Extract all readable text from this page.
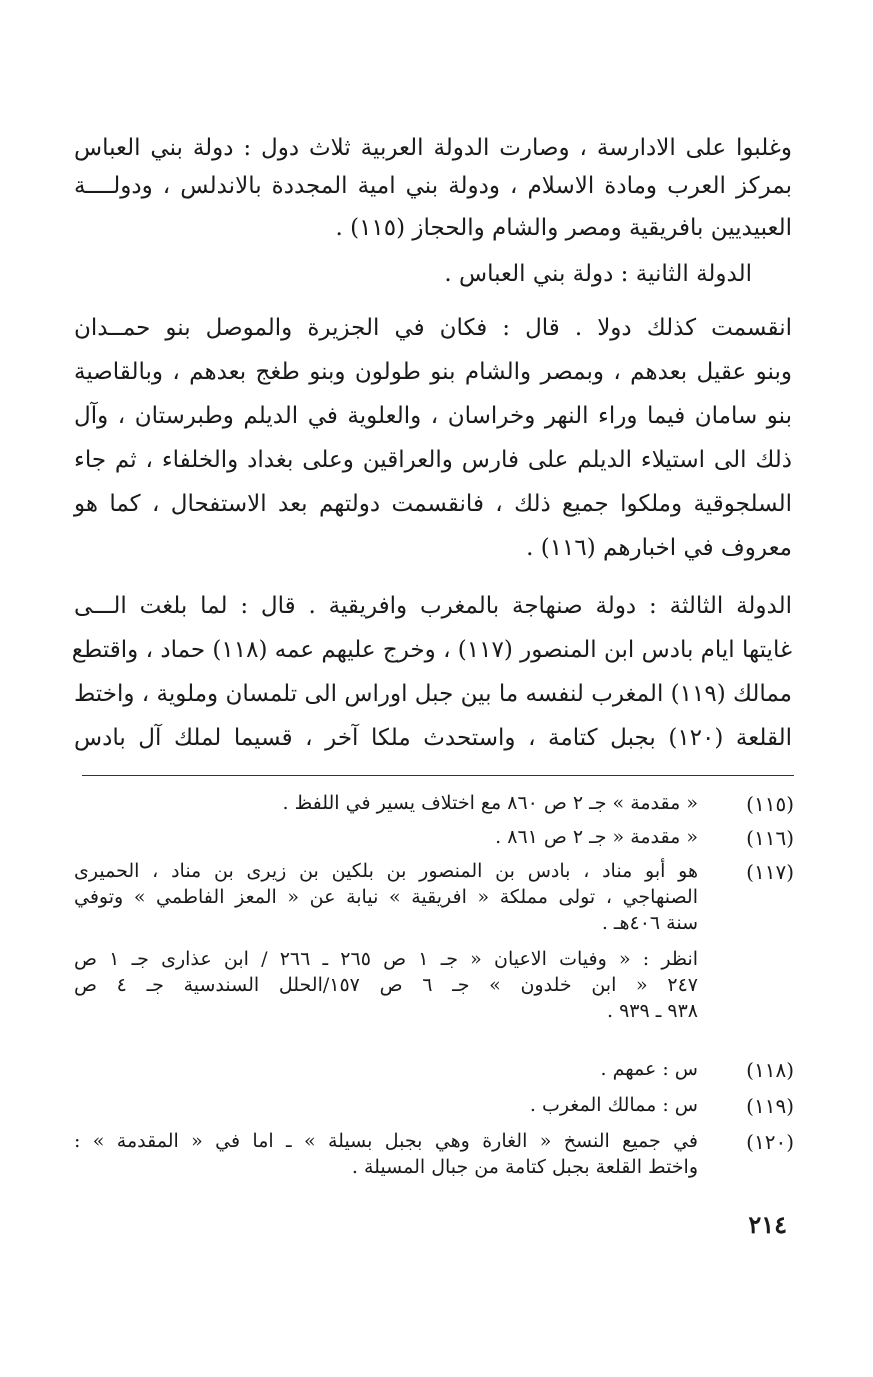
وغلبوا على الادارسة ، وصارت الدولة العربية ثلاث دول : دولة بني العباس
بمركز العرب ومادة الاسلام ، ودولة بني امية المجددة بالاندلس ، ودولــــة
العبيديين بافريقية ومصر والشام والحجاز (١١٥) .
الدولة الثانية : دولة بني العباس .
انقسمت كذلك دولا . قال : فكان في الجزيرة والموصل بنو حمــدان
وبنو عقيل بعدهم ، وبمصر والشام بنو طولون وبنو طغج بعدهم ، وبالقاصية
بنو سامان فيما وراء النهر وخراسان ، والعلوية في الديلم وطبرستان ، وآل
ذلك الى استيلاء الديلم على فارس والعراقين وعلى بغداد والخلفاء ، ثم جاء
السلجوقية وملكوا جميع ذلك ، فانقسمت دولتهم بعد الاستفحال ، كما هو
معروف في اخبارهم (١١٦) .
الدولة الثالثة : دولة صنهاجة بالمغرب وافريقية . قال : لما بلغت الـــى
غايتها ايام بادس ابن المنصور (١١٧) ، وخرج عليهم عمه (١١٨) حماد ، واقتطع
ممالك (١١٩) المغرب لنفسه ما بين جبل اوراس الى تلمسان وملوية ، واختط
القلعة (١٢٠) بجبل كتامة ، واستحدث ملكا آخر ، قسيما لملك آل بادس
(١١٥)
« مقدمة » جـ ٢ ص ٨٦٠ مع اختلاف يسير في اللفظ .
(١١٦)
« مقدمة « جـ ٢ ص ٨٦١ .
(١١٧)
هو أبو مناد ، بادس بن المنصور بن بلكين بن زيرى بن مناد ، الحميرى
الصنهاجي ، تولى مملكة « افريقية » نيابة عن « المعز الفاطمي » وتوفي
سنة ٤٠٦هـ .
انظر : « وفيات الاعيان « جـ ١ ص ٢٦٥ ـ ٢٦٦ / ابن عذارى جـ ١ ص
٢٤٧ « ابن خلدون » جـ ٦ ص ١٥٧/الحلل السندسية جـ ٤ ص
٩٣٨ ـ ٩٣٩ .
(١١٨)
س : عمهم .
(١١٩)
س : ممالك المغرب .
(١٢٠)
في جميع النسخ « الغارة وهي بجبل بسيلة » ـ اما في « المقدمة » :
واختط القلعة بجبل كتامة من جبال المسيلة .
٢١٤
